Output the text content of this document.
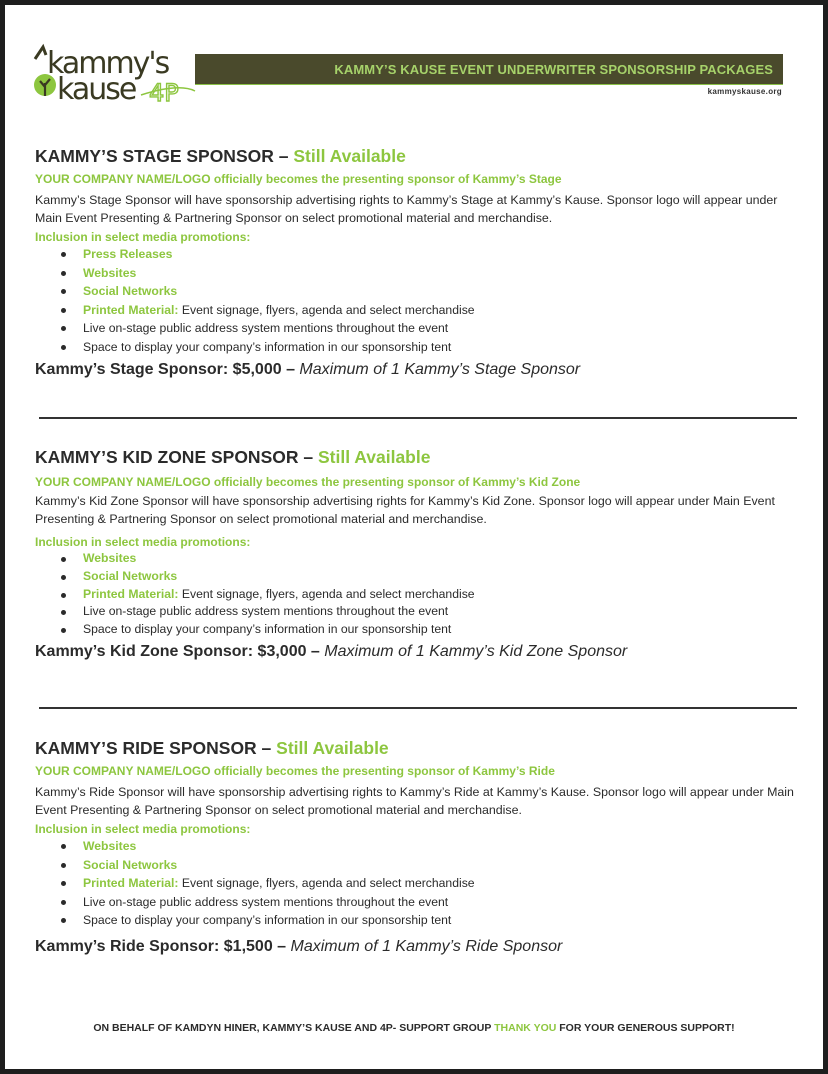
kammy's
kause 4P
KAMMY’S KAUSE EVENT UNDERWRITER SPONSORSHIP PACKAGES
kammyskause.org

KAMMY’S STAGE SPONSOR – Still Available

YOUR COMPANY NAME/LOGO officially becomes the presenting sponsor of Kammy’s Stage

Kammy’s Stage Sponsor will have sponsorship advertising rights to Kammy’s Stage at Kammy’s Kause. Sponsor logo will appear under Main Event Presenting & Partnering Sponsor on select promotional material and merchandise.

Inclusion in select media promotions:

Press Releases
Websites
Social Networks
Printed Material: Event signage, flyers, agenda and select merchandise
Live on-stage public address system mentions throughout the event
Space to display your company’s information in our sponsorship tent

Kammy’s Stage Sponsor: $5,000 – Maximum of 1 Kammy’s Stage Sponsor

KAMMY’S KID ZONE SPONSOR – Still Available

YOUR COMPANY NAME/LOGO officially becomes the presenting sponsor of Kammy’s Kid Zone

Kammy’s Kid Zone Sponsor will have sponsorship advertising rights for Kammy’s Kid Zone. Sponsor logo will appear under Main Event Presenting & Partnering Sponsor on select promotional material and merchandise.

Inclusion in select media promotions:

Websites
Social Networks
Printed Material: Event signage, flyers, agenda and select merchandise
Live on-stage public address system mentions throughout the event
Space to display your company’s information in our sponsorship tent

Kammy’s Kid Zone Sponsor: $3,000 – Maximum of 1 Kammy’s Kid Zone Sponsor

KAMMY’S RIDE SPONSOR – Still Available

YOUR COMPANY NAME/LOGO officially becomes the presenting sponsor of Kammy’s Ride

Kammy’s Ride Sponsor will have sponsorship advertising rights to Kammy’s Ride at Kammy’s Kause. Sponsor logo will appear under Main Event Presenting & Partnering Sponsor on select promotional material and merchandise.

Inclusion in select media promotions:

Websites
Social Networks
Printed Material: Event signage, flyers, agenda and select merchandise
Live on-stage public address system mentions throughout the event
Space to display your company’s information in our sponsorship tent

Kammy’s Ride Sponsor: $1,500 – Maximum of 1 Kammy’s Ride Sponsor

ON BEHALF OF KAMDYN HINER, KAMMY’S KAUSE AND 4P- SUPPORT GROUP THANK YOU FOR YOUR GENEROUS SUPPORT!
